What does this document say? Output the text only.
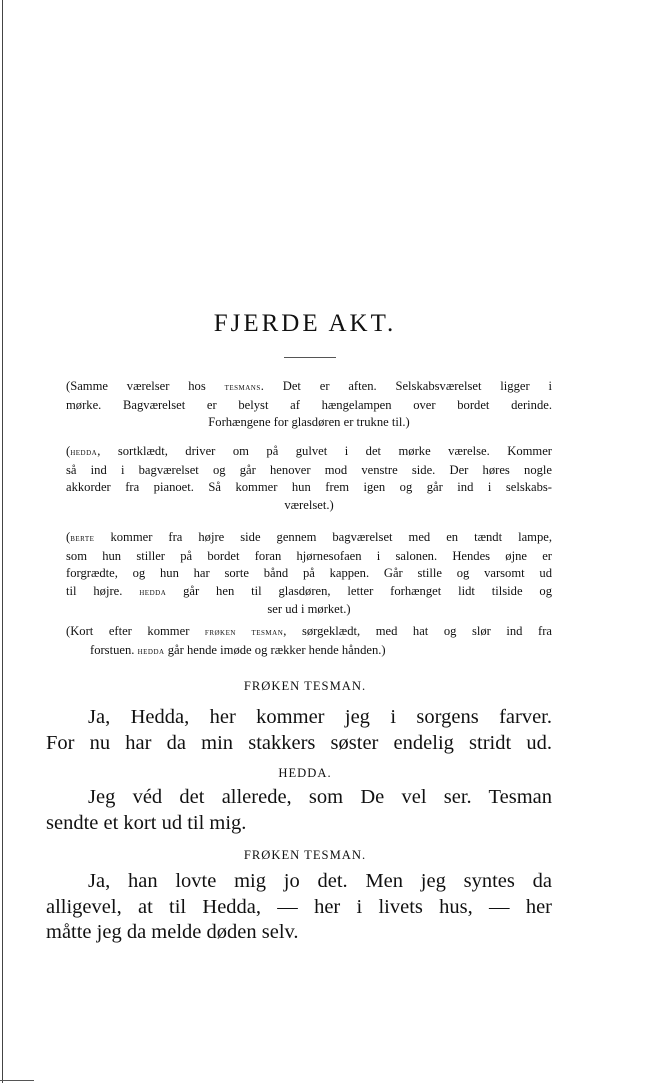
FJERDE AKT.
(Samme værelser hos tesmans. Det er aften. Selskabsværelset ligger i
mørke. Bagværelset er belyst af hængelampen over bordet derinde.
Forhængene for glasdøren er trukne til.)
(hedda, sortklædt, driver om på gulvet i det mørke værelse. Kommer
så ind i bagværelset og går henover mod venstre side. Der høres nogle
akkorder fra pianoet. Så kommer hun frem igen og går ind i selskabs-
værelset.)
(berte kommer fra højre side gennem bagværelset med en tændt lampe,
som hun stiller på bordet foran hjørnesofaen i salonen. Hendes øjne er
forgrædte, og hun har sorte bånd på kappen. Går stille og varsomt ud
til højre. hedda går hen til glasdøren, letter forhænget lidt tilside og
ser ud i mørket.)
(Kort efter kommer frøken tesman, sørgeklædt, med hat og slør ind fra
forstuen. hedda går hende imøde og rækker hende hånden.)
FRØKEN TESMAN.
Ja, Hedda, her kommer jeg i sorgens farver.
For nu har da min stakkers søster endelig stridt ud.
HEDDA.
Jeg véd det allerede, som De vel ser. Tesman
sendte et kort ud til mig.
FRØKEN TESMAN.
Ja, han lovte mig jo det. Men jeg syntes da
alligevel, at til Hedda, — her i livets hus, — her
måtte jeg da melde døden selv.
